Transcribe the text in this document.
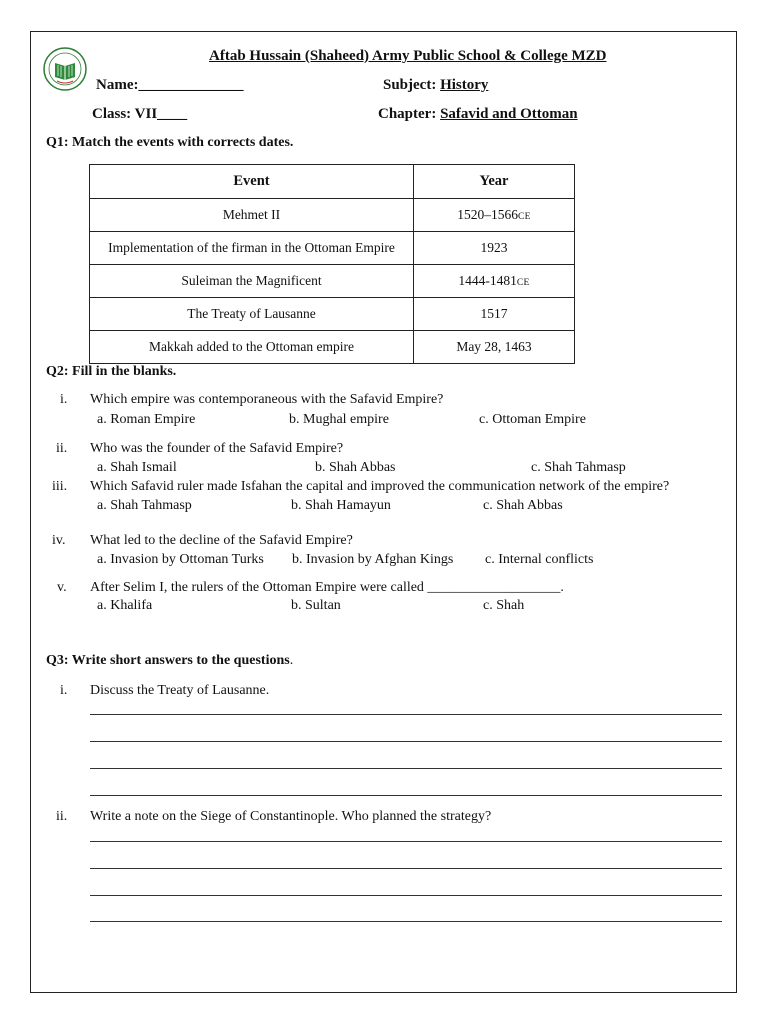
Aftab Hussain (Shaheed) Army Public School & College MZD
Name:______________	Subject: History
Class: VII____	Chapter: Safavid and Ottoman
Q1: Match the events with corrects dates.
Event	Year
Mehmet II	1520–1566CE
Implementation of the firman in the Ottoman Empire	1923
Suleiman the Magnificent	1444-1481CE
The Treaty of Lausanne	1517
Makkah added to the Ottoman empire	May 28, 1463
Q2: Fill in the blanks.
i. Which empire was contemporaneous with the Safavid Empire?
a. Roman Empire	b. Mughal empire	c. Ottoman Empire
ii. Who was the founder of the Safavid Empire?
a. Shah Ismail	b. Shah Abbas	c. Shah Tahmasp
iii. Which Safavid ruler made Isfahan the capital and improved the communication network of the empire?
a. Shah Tahmasp	b. Shah Hamayun	c. Shah Abbas
iv. What led to the decline of the Safavid Empire?
a. Invasion by Ottoman Turks b. Invasion by Afghan Kings c. Internal conflicts
v. After Selim I, the rulers of the Ottoman Empire were called ___________________.
a. Khalifa	b. Sultan	c. Shah
Q3: Write short answers to the questions.
i. Discuss the Treaty of Lausanne.
ii. Write a note on the Siege of Constantinople. Who planned the strategy?
